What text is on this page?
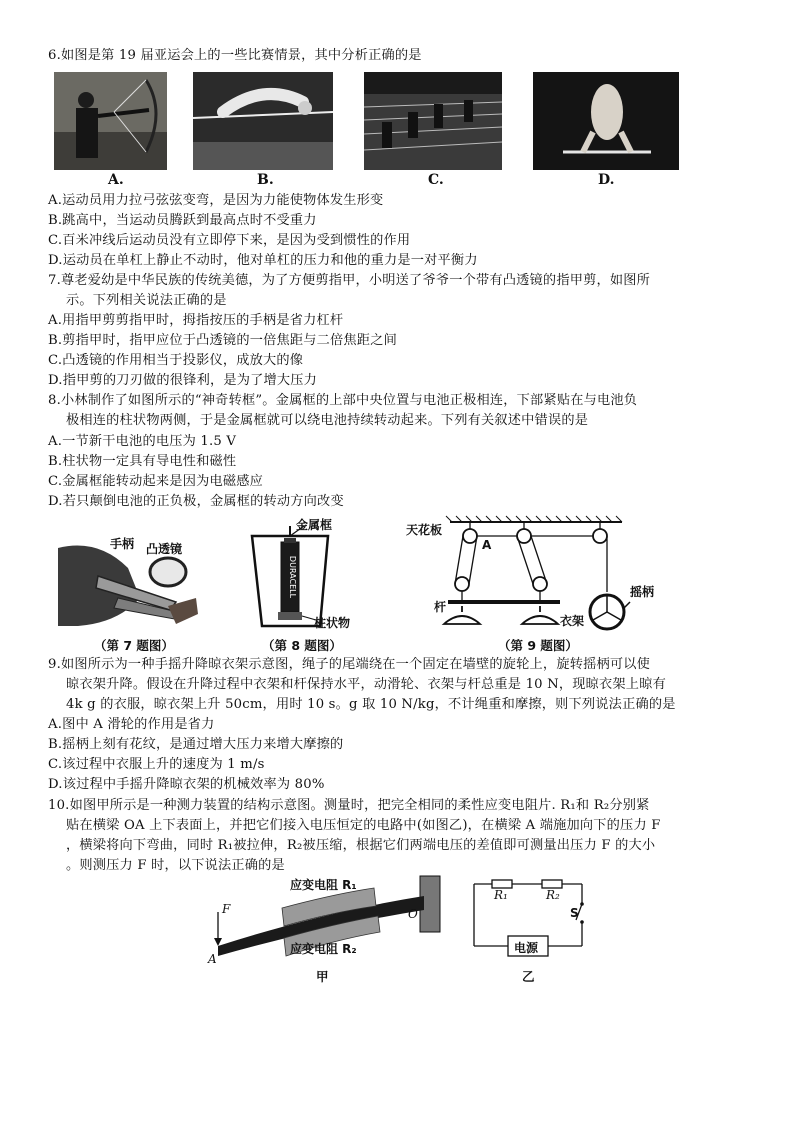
6.如图是第 19 届亚运会上的一些比赛情景，其中分析正确的是
A.	B.	C.	D.
A.运动员用力拉弓弦弦变弯，是因为力能使物体发生形变
B.跳高中，当运动员腾跃到最高点时不受重力
C.百米冲线后运动员没有立即停下来，是因为受到惯性的作用
D.运动员在单杠上静止不动时，他对单杠的压力和他的重力是一对平衡力
7.尊老爱幼是中华民族的传统美德，为了方便剪指甲，小明送了爷爷一个带有凸透镜的指甲剪，如图所
示。下列相关说法正确的是
A.用指甲剪剪指甲时，拇指按压的手柄是省力杠杆
B.剪指甲时，指甲应位于凸透镜的一倍焦距与二倍焦距之间
C.凸透镜的作用相当于投影仪，成放大的像
D.指甲剪的刀刃做的很锋利，是为了增大压力
8.小林制作了如图所示的“神奇转框”。金属框的上部中央位置与电池正极相连，下部紧贴在与电池负
极相连的柱状物两侧，于是金属框就可以绕电池持续转动起来。下列有关叙述中错误的是
A.一节新干电池的电压为 1.5 V
B.柱状物一定具有导电性和磁性
C.金属框能转动起来是因为电磁感应
D.若只颠倒电池的正负极，金属框的转动方向改变
手柄 凸透镜
（第 7 题图）
DURACELL
金属框
柱状物
（第 8 题图）
天花板
A
杆
衣架
摇柄
（第 9 题图）
9.如图所示为一种手摇升降晾衣架示意图，绳子的尾端绕在一个固定在墙壁的旋轮上，旋转摇柄可以使
晾衣架升降。假设在升降过程中衣架和杆保持水平，动滑轮、衣架与杆总重是 10 N，现晾衣架上晾有
4k g 的衣服，晾衣架上升 50cm，用时 10 s。g 取 10 N/kg，不计绳重和摩擦，则下列说法正确的是
A.图中 A 滑轮的作用是省力
B.摇柄上刻有花纹，是通过增大压力来增大摩擦的
C.该过程中衣服上升的速度为 1 m/s
D.该过程中手摇升降晾衣架的机械效率为 80%
10.如图甲所示是一种测力装置的结构示意图。测量时，把完全相同的柔性应变电阻片. R₁和 R₂分别紧
贴在横梁 OA 上下表面上，并把它们接入电压恒定的电路中(如图乙)，在横梁 A 端施加向下的压力 F
，横梁将向下弯曲，同时 R₁被拉伸，R₂被压缩，根据它们两端电压的差值即可测量出压力 F 的大小
。则测压力 F 时，以下说法正确的是
应变电阻 R₁
应变电阻 R₂
F
A
O
甲
R₁	R₂
S
电源
乙
